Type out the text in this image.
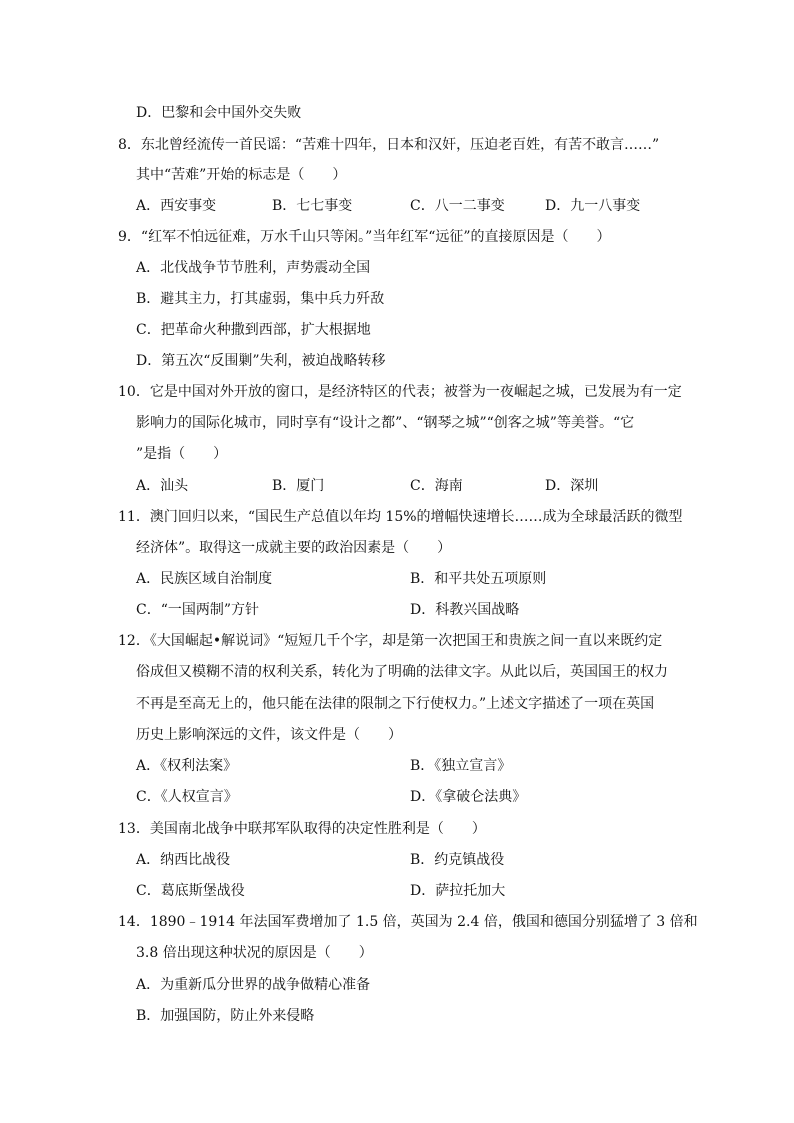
D．巴黎和会中国外交失败
8．东北曾经流传一首民谣：“苦难十四年，日本和汉奸，压迫老百姓，有苦不敢言……”
其中“苦难”开始的标志是（　　）
A．西安事变	B．七七事变	C．八一二事变	D．九一八事变
9．“红军不怕远征难，万水千山只等闲。”当年红军“远征”的直接原因是（　　）
A．北伐战争节节胜利，声势震动全国
B．避其主力，打其虚弱，集中兵力歼敌
C．把革命火种撒到西部，扩大根据地
D．第五次“反围剿”失利，被迫战略转移
10．它是中国对外开放的窗口，是经济特区的代表；被誉为一夜崛起之城，已发展为有一定
影响力的国际化城市，同时享有“设计之都”、“钢琴之城”“创客之城”等美誉。“它
”是指（　　）
A．汕头	B．厦门	C．海南	D．深圳
11．澳门回归以来，“国民生产总值以年均 15%的增幅快速增长……成为全球最活跃的微型
经济体”。取得这一成就主要的政治因素是（　　）
A．民族区域自治制度	B．和平共处五项原则
C．“一国两制”方针	D．科教兴国战略
12．《大国崛起•解说词》“短短几千个字，却是第一次把国王和贵族之间一直以来既约定
俗成但又模糊不清的权利关系，转化为了明确的法律文字。从此以后，英国国王的权力
不再是至高无上的，他只能在法律的限制之下行使权力。”上述文字描述了一项在英国
历史上影响深远的文件，该文件是（　　）
A．《权利法案》	B．《独立宣言》
C．《人权宣言》	D．《拿破仑法典》
13．美国南北战争中联邦军队取得的决定性胜利是（　　）
A．纳西比战役	B．约克镇战役
C．葛底斯堡战役	D．萨拉托加大
14．1890﹣1914 年法国军费增加了 1.5 倍，英国为 2.4 倍，俄国和德国分别猛增了 3 倍和
3.8 倍出现这种状况的原因是（　　）
A．为重新瓜分世界的战争做精心准备
B．加强国防，防止外来侵略
